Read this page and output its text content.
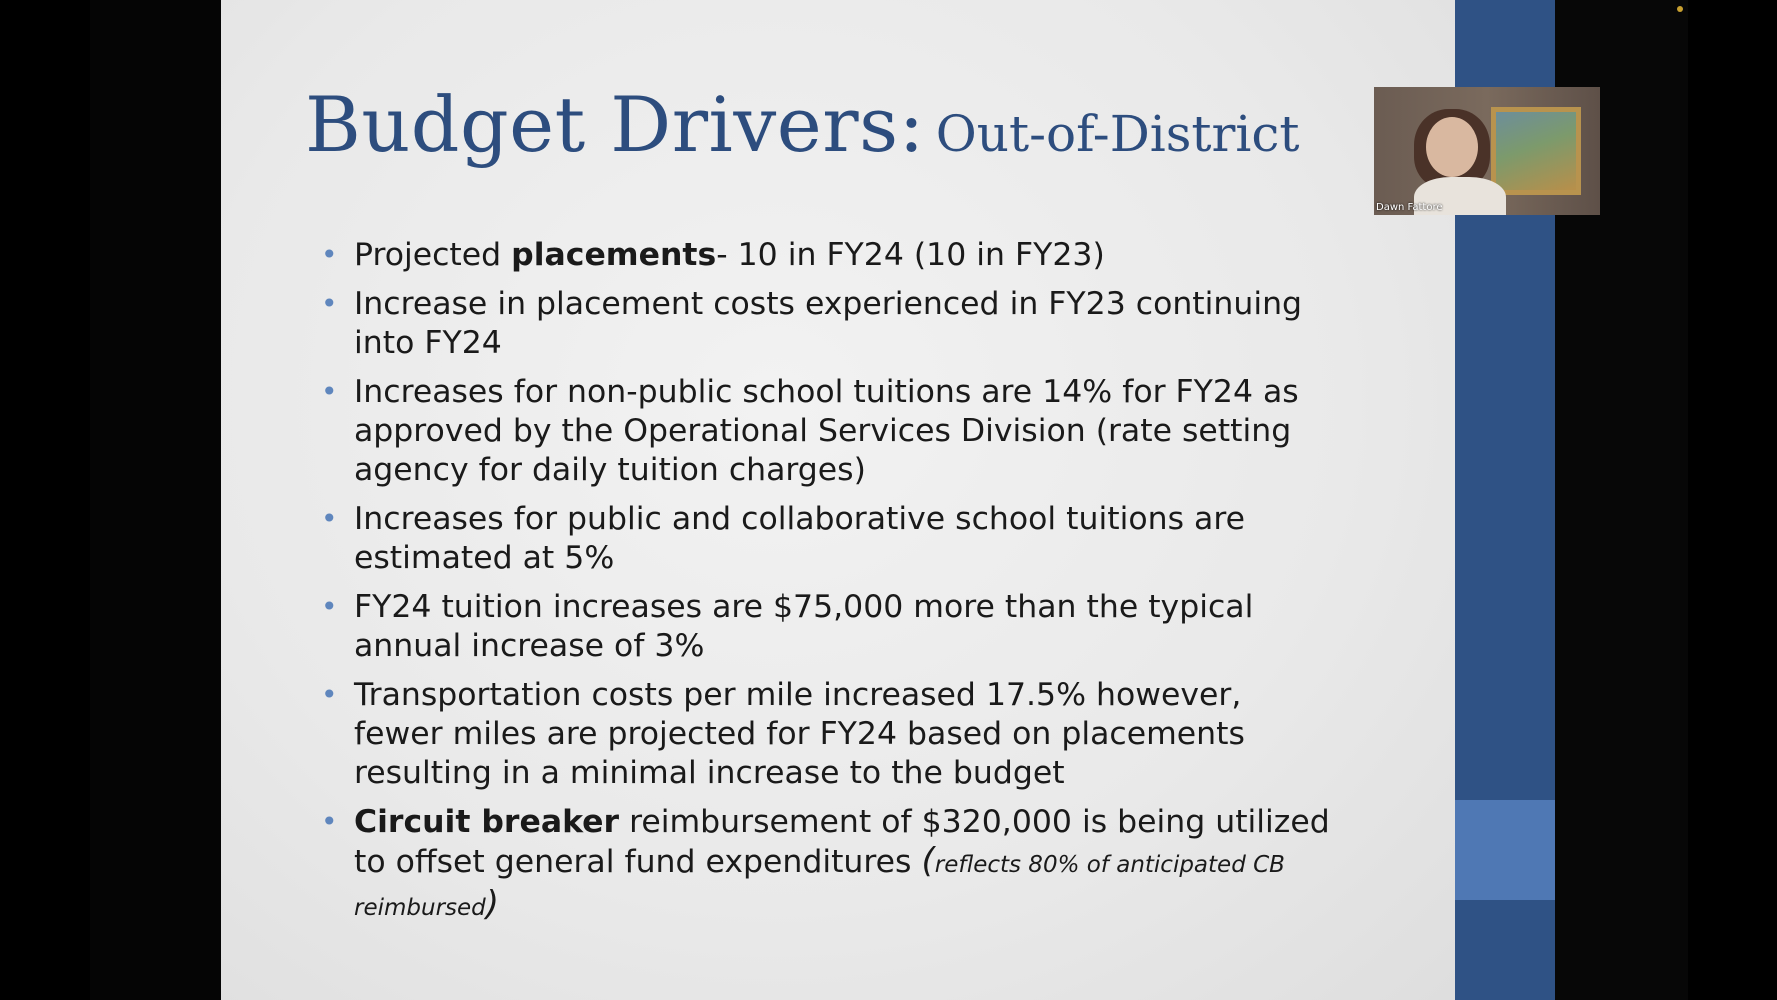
Budget Drivers: Out-of-District
• Projected placements- 10 in FY24 (10 in FY23)
• Increase in placement costs experienced in FY23 continuing into FY24
• Increases for non-public school tuitions are 14% for FY24 as approved by the Operational Services Division (rate setting agency for daily tuition charges)
• Increases for public and collaborative school tuitions are estimated at 5%
• FY24 tuition increases are $75,000 more than the typical annual increase of 3%
• Transportation costs per mile increased 17.5% however, fewer miles are projected for FY24 based on placements resulting in a minimal increase to the budget
• Circuit breaker reimbursement of $320,000 is being utilized to offset general fund expenditures (reflects 80% of anticipated CB reimbursed)
Dawn Fattore
